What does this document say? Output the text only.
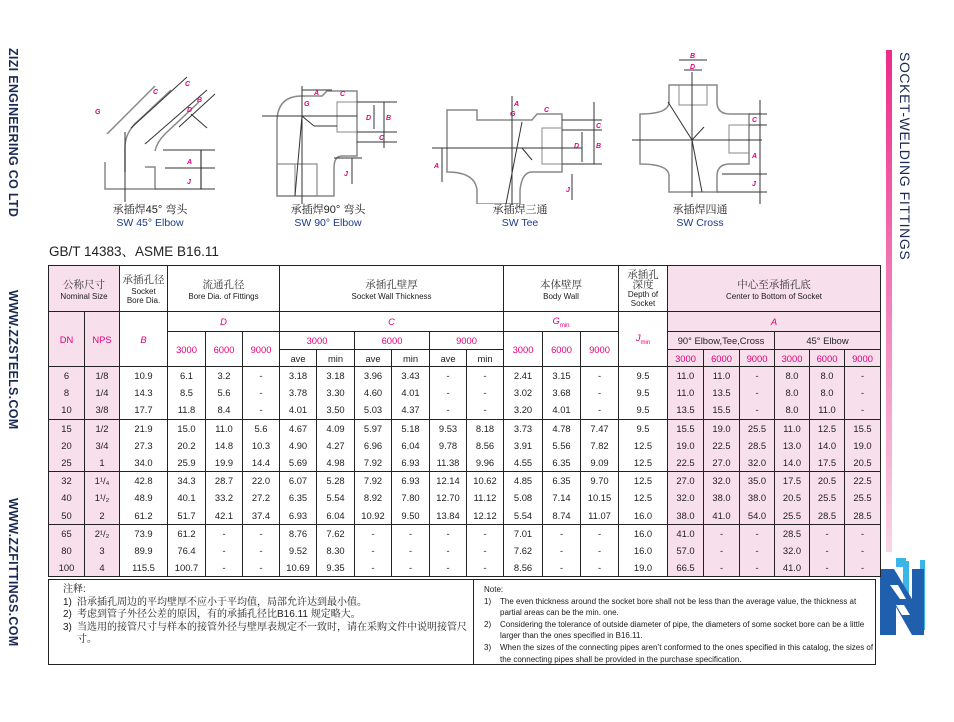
ZIZI ENGINEERING CO LTD
WWW.ZZSTEELS.COM
WWW.ZZFITTINGS.COM
SOCKET-WELDING FITTINGS
G
C
C
B
D
A
J
承插焊45° 弯头
SW 45° Elbow
A
G
C
D B
C
J
承插焊90° 弯头
SW 90° Elbow
A
G
C
C
D B
A
J
承插焊三通
SW Tee
B
D
C
A
J
承插焊四通
SW Cross
GB/T 14383、ASME B16.11
公称尺寸
Nominal Size

承插孔径
Socket
Bore Dia.

流通孔径
Bore Dia. of Fittings

承插孔壁厚
Socket Wall Thickness

本体壁厚
Body Wall

承插孔
深度
Depth of
Socket

中心至承插孔底
Center to Bottom of Socket

DN	NPS	B	D			C						$G_{min}$			$J_{min}$	A					
			3000	6000	9000	3000		6000		9000		3000	6000	9000		90° Elbow,Tee,Cross			45° Elbow		
						ave	min	ave	min	ave	min					3000	6000	9000	3000	6000	9000
6	1/8	10.9	6.1	3.2	-	3.18	3.18	3.96	3.43	-	-	2.41	3.15	-	9.5	11.0	11.0	-	8.0	8.0	-
8	1/4	14.3	8.5	5.6	-	3.78	3.30	4.60	4.01	-	-	3.02	3.68	-	9.5	11.0	13.5	-	8.0	8.0	-
10	3/8	17.7	11.8	8.4	-	4.01	3.50	5.03	4.37	-	-	3.20	4.01	-	9.5	13.5	15.5	-	8.0	11.0	-
15	1/2	21.9	15.0	11.0	5.6	4.67	4.09	5.97	5.18	9.53	8.18	3.73	4.78	7.47	9.5	15.5	19.0	25.5	11.0	12.5	15.5
20	3/4	27.3	20.2	14.8	10.3	4.90	4.27	6.96	6.04	9.78	8.56	3.91	5.56	7.82	12.5	19.0	22.5	28.5	13.0	14.0	19.0
25	1	34.0	25.9	19.9	14.4	5.69	4.98	7.92	6.93	11.38	9.96	4.55	6.35	9.09	12.5	22.5	27.0	32.0	14.0	17.5	20.5
32	1¹/₄	42.8	34.3	28.7	22.0	6.07	5.28	7.92	6.93	12.14	10.62	4.85	6.35	9.70	12.5	27.0	32.0	35.0	17.5	20.5	22.5
40	1¹/₂	48.9	40.1	33.2	27.2	6.35	5.54	8.92	7.80	12.70	11.12	5.08	7.14	10.15	12.5	32.0	38.0	38.0	20.5	25.5	25.5
50	2	61.2	51.7	42.1	37.4	6.93	6.04	10.92	9.50	13.84	12.12	5.54	8.74	11.07	16.0	38.0	41.0	54.0	25.5	28.5	28.5
65	2¹/₂	73.9	61.2	-	-	8.76	7.62	-	-	-	-	7.01	-	-	16.0	41.0	-	-	28.5	-	-
80	3	89.9	76.4	-	-	9.52	8.30	-	-	-	-	7.62	-	-	16.0	57.0	-	-	32.0	-	-
100	4	115.5	100.7	-	-	10.69	9.35	-	-	-	-	8.56	-	-	19.0	66.5	-	-	41.0	-	-
注释:
1) 沿承插孔周边的平均壁厚不应小于平均值，局部允许达到最小值。
2) 考虑到管子外径公差的原因，有的承插孔径比B16.11 规定略大。
3) 当选用的接管尺寸与样本的接管外径与壁厚表规定不一致时，请在采购文件中说明接管尺寸。
Note:
1)	The even thickness around the socket bore shall not be less than the average value, the thickness at partial areas can be the min. one.
2)	Considering the tolerance of outside diameter of pipe, the diameters of some socket bore can be a little larger than the ones specified in B16.11.
3)	When the sizes of the connecting pipes aren’t conformed to the ones specified in this catalog, the sizes of the connecting pipes shall be provided in the purchase specification.
